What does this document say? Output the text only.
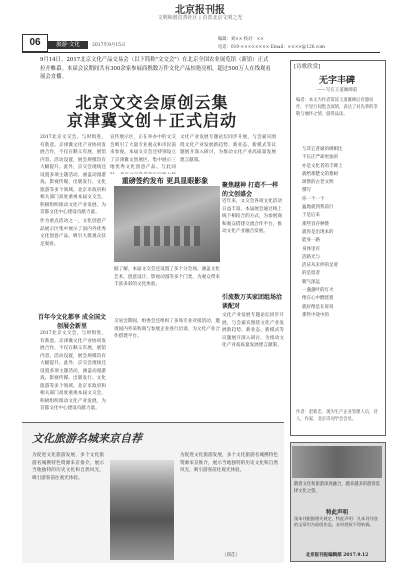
北京报刊报
文明和谐首善社区 | 首善北京文明之光
06	旅游·文化	2017年9月15日
编辑：刘×× 校对：××
电话：010-×××××××× Email：××××@126.com
9月14日，2017北京文化产品交易会（以下简称"文交会"）在北京全国农业展览馆（新馆）正式拉开帷幕。本届会议期间共有300余家参展商携数万件文化产品惊艳亮相，超过500万人在线观看展会直播。
北京文交会原创云集
京津冀文创＋正式启动
2017北京文交会，与时俱进，有新意。京津冀文化产业协同发展合作，不仅在顺义有展，展馆内容，活动设置，展会规模均有大幅提升。此外，京交会现场还设置多项主题活动，涵盖动漫游戏、影视传媒、出版发行、文化旅游等多个领域。北京市政府和相关部门高度重视本届文交会，积极组织推动文化产业发展，为首都文化中心建设贡献力量。
宣传展示区，正在举办中的文交会吸引了大量专业观众和市民前来参观。本届文交会还特别设立了京津冀文创展区，集中展示三地优秀文化创意产品。与此同
文化产业发展专题论坛同步开展，与会嘉宾围绕文化产业发展新趋势、新业态、新模式等议题展开深入研讨，为推动文化产业高质量发展建言献策。
重磅签约发布 更具显眼影象
聚焦越神 打造不一样的文创盛会
近年来，文交会各项文化活动日益丰富。本届展会通过线上线下相结合的方式，为参展商和观众搭建交流合作平台，推动文化产业融合发展。
作为重点活动之一，文化创意产品展示区集中展示了国内外优秀文化创意产品，吸引大批观众驻足观看。
据了解，本届文交会还设置了多个分会场，涵盖文化艺术、创意设计、影视动漫等多个门类，为观众带来丰富多彩的文化体验。
百年今文化都享 成全国文创展会新里
2017北京文交会，与时俱进，有新意。京津冀文化产业协同发展合作，不仅在顺义有展，展馆内容，活动设置，展会规模均有大幅提升。此外，京交会现场还设置多项主题活动，涵盖动漫游戏、影视传媒、出版发行、文化旅游等多个领域。北京市政府和相关部门高度重视本届文交会，积极组织推动文化产业发展，为首都文化中心建设贡献力量。
交易会期间，组委会还组织了多场专业对接活动，邀请国内外采购商与参展企业进行洽谈，为文化产业合作搭建平台。
引流数万买家团组场洽谈配对
文化产业发展专题论坛同步开展，与会嘉宾围绕文化产业发展新趋势、新业态、新模式等议题展开深入研讨，为推动文化产业高质量发展建言献策。
[诗歌欣赏]
无字丰碑
——写在王道翼碑前
编者：本文为作者赏读王道翼碑后有感而作，字里行间饱含深情，表达了对先辈的崇敬与缅怀之情，值得品读。
与其它普通的碑相比
不长庄严却更加的
亦是文化者的丰碑上
就给那楚文的想树
颂赞的古老文明
撰写
你一个一个
猛地就到我前行
于是后来
那些容存种赞
就你是出现本的
能身一路
身体里有
活路光与
活证从未停的足迹
的是留者
朝气深远
一盏盏叶的灯火
像在心中燃烧着
就好像是在诉说
那些中途中的
作者：赵新忠，现为生产企业管理人员，诗人，作家，北京诗词学会会员。
文化旅游名城来京自荐
为促进文化旅游发展，多个文化旅游名城携特色资源来京推介，展示当地独特的历史文化和自然风光，吸引游客前往观光体验。
为促进文化旅游发展，多个文化旅游名城携特色资源来京推介，展示当地独特的历史文化和自然风光，吸引游客前往观光体验。
（郑佳）
随着文化和旅游深度融合，越来越多的游客选择文化之旅。
特此声明
现本刊根据相关规定，特此声明：凡本刊刊登的文章均为原创作品，未经授权不得转载。
北京报刊报编辑部 2017.9.12
